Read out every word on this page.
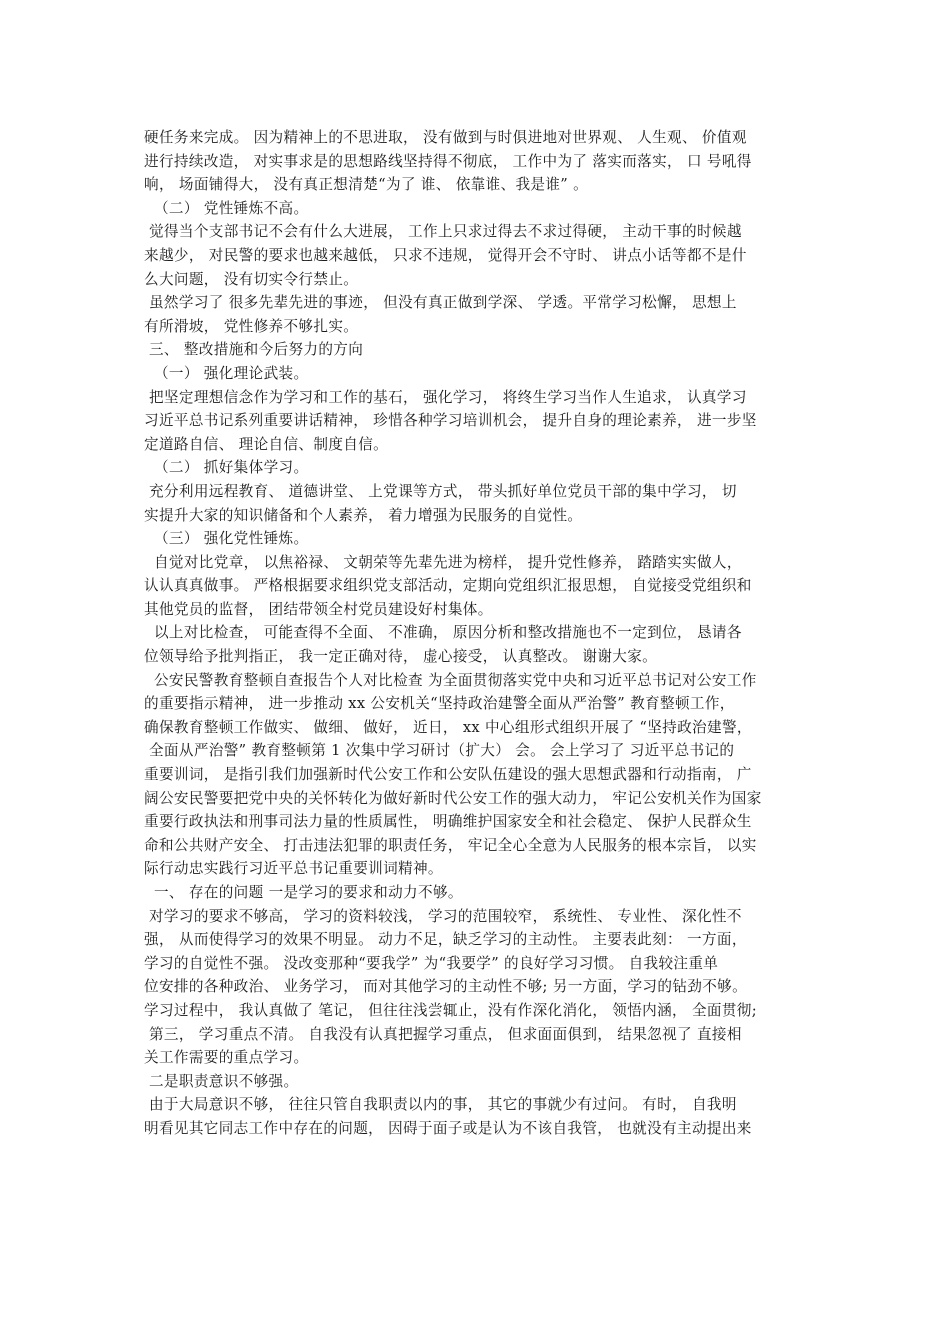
硬任务来完成。 因为精神上的不思进取， 没有做到与时俱进地对世界观、 人生观、 价值观
进行持续改造， 对实事求是的思想路线坚持得不彻底， 工作中为了 落实而落实， 口 号吼得
响， 场面铺得大， 没有真正想清楚“为了 谁、 依靠谁、我是谁” 。
（二） 党性锤炼不高。
觉得当个支部书记不会有什么大进展， 工作上只求过得去不求过得硬， 主动干事的时候越
来越少， 对民警的要求也越来越低， 只求不违规， 觉得开会不守时、 讲点小话等都不是什
么大问题， 没有切实令行禁止。
虽然学习了 很多先辈先进的事迹， 但没有真正做到学深、 学透。平常学习松懈， 思想上
有所滑坡， 党性修养不够扎实。
三、 整改措施和今后努力的方向
（一） 强化理论武装。
把坚定理想信念作为学习和工作的基石， 强化学习， 将终生学习当作人生追求， 认真学习
习近平总书记系列重要讲话精神， 珍惜各种学习培训机会， 提升自身的理论素养， 进一步坚
定道路自信、 理论自信、制度自信。
（二） 抓好集体学习。
充分利用远程教育、 道德讲堂、 上党课等方式， 带头抓好单位党员干部的集中学习， 切
实提升大家的知识储备和个人素养， 着力增强为民服务的自觉性。
（三） 强化党性锤炼。
自觉对比党章， 以焦裕禄、 文朝荣等先辈先进为榜样， 提升党性修养， 踏踏实实做人，
认认真真做事。 严格根据要求组织党支部活动，定期向党组织汇报思想， 自觉接受党组织和
其他党员的监督， 团结带领全村党员建设好村集体。
以上对比检查， 可能查得不全面、 不准确， 原因分析和整改措施也不一定到位， 恳请各
位领导给予批判指正， 我一定正确对待， 虚心接受， 认真整改。 谢谢大家。
公安民警教育整顿自查报告个人对比检查 为全面贯彻落实党中央和习近平总书记对公安工作
的重要指示精神， 进一步推动 xx 公安机关“坚持政治建警全面从严治警” 教育整顿工作，
确保教育整顿工作做实、 做细、 做好， 近日， xx 中心组形式组织开展了 “坚持政治建警，
全面从严治警” 教育整顿第 1 次集中学习研讨（扩大） 会。 会上学习了 习近平总书记的
重要训词， 是指引我们加强新时代公安工作和公安队伍建设的强大思想武器和行动指南， 广
阔公安民警要把党中央的关怀转化为做好新时代公安工作的强大动力， 牢记公安机关作为国家
重要行政执法和刑事司法力量的性质属性， 明确维护国家安全和社会稳定、 保护人民群众生
命和公共财产安全、 打击违法犯罪的职责任务， 牢记全心全意为人民服务的根本宗旨， 以实
际行动忠实践行习近平总书记重要训词精神。
一、 存在的问题 一是学习的要求和动力不够。
对学习的要求不够高， 学习的资料较浅， 学习的范围较窄， 系统性、 专业性、 深化性不
强， 从而使得学习的效果不明显。 动力不足，缺乏学习的主动性。 主要表此刻： 一方面，
学习的自觉性不强。 没改变那种“要我学” 为“我要学” 的良好学习习惯。 自我较注重单
位安排的各种政治、 业务学习， 而对其他学习的主动性不够; 另一方面，学习的钻劲不够。
学习过程中， 我认真做了 笔记， 但往往浅尝辄止，没有作深化消化， 领悟内涵， 全面贯彻;
第三， 学习重点不清。 自我没有认真把握学习重点， 但求面面俱到， 结果忽视了 直接相
关工作需要的重点学习。
二是职责意识不够强。
由于大局意识不够， 往往只管自我职责以内的事， 其它的事就少有过问。 有时， 自我明
明看见其它同志工作中存在的问题， 因碍于面子或是认为不该自我管， 也就没有主动提出来
